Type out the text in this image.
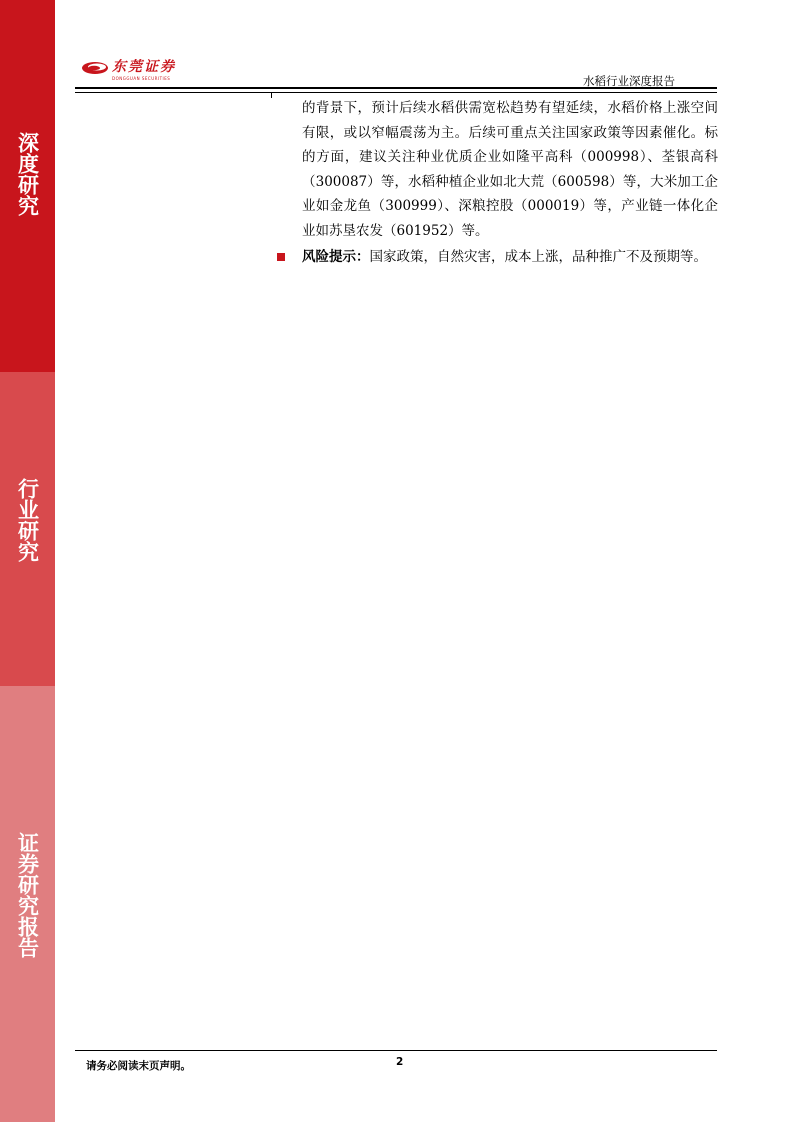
深度研究
行业研究
证券研究报告
东莞证券
DONGGUAN SECURITIES	水稻行业深度报告

的背景下，预计后续水稻供需宽松趋势有望延续，水稻价格上涨空间有限，或以窄幅震荡为主。后续可重点关注国家政策等因素催化。标的方面，建议关注种业优质企业如隆平高科（000998）、荃银高科（300087）等，水稻种植企业如北大荒（600598）等，大米加工企业如金龙鱼（300999）、深粮控股（000019）等，产业链一体化企业如苏垦农发（601952）等。

风险提示： 国家政策，自然灾害，成本上涨，品种推广不及预期等。
请务必阅读末页声明。	2
